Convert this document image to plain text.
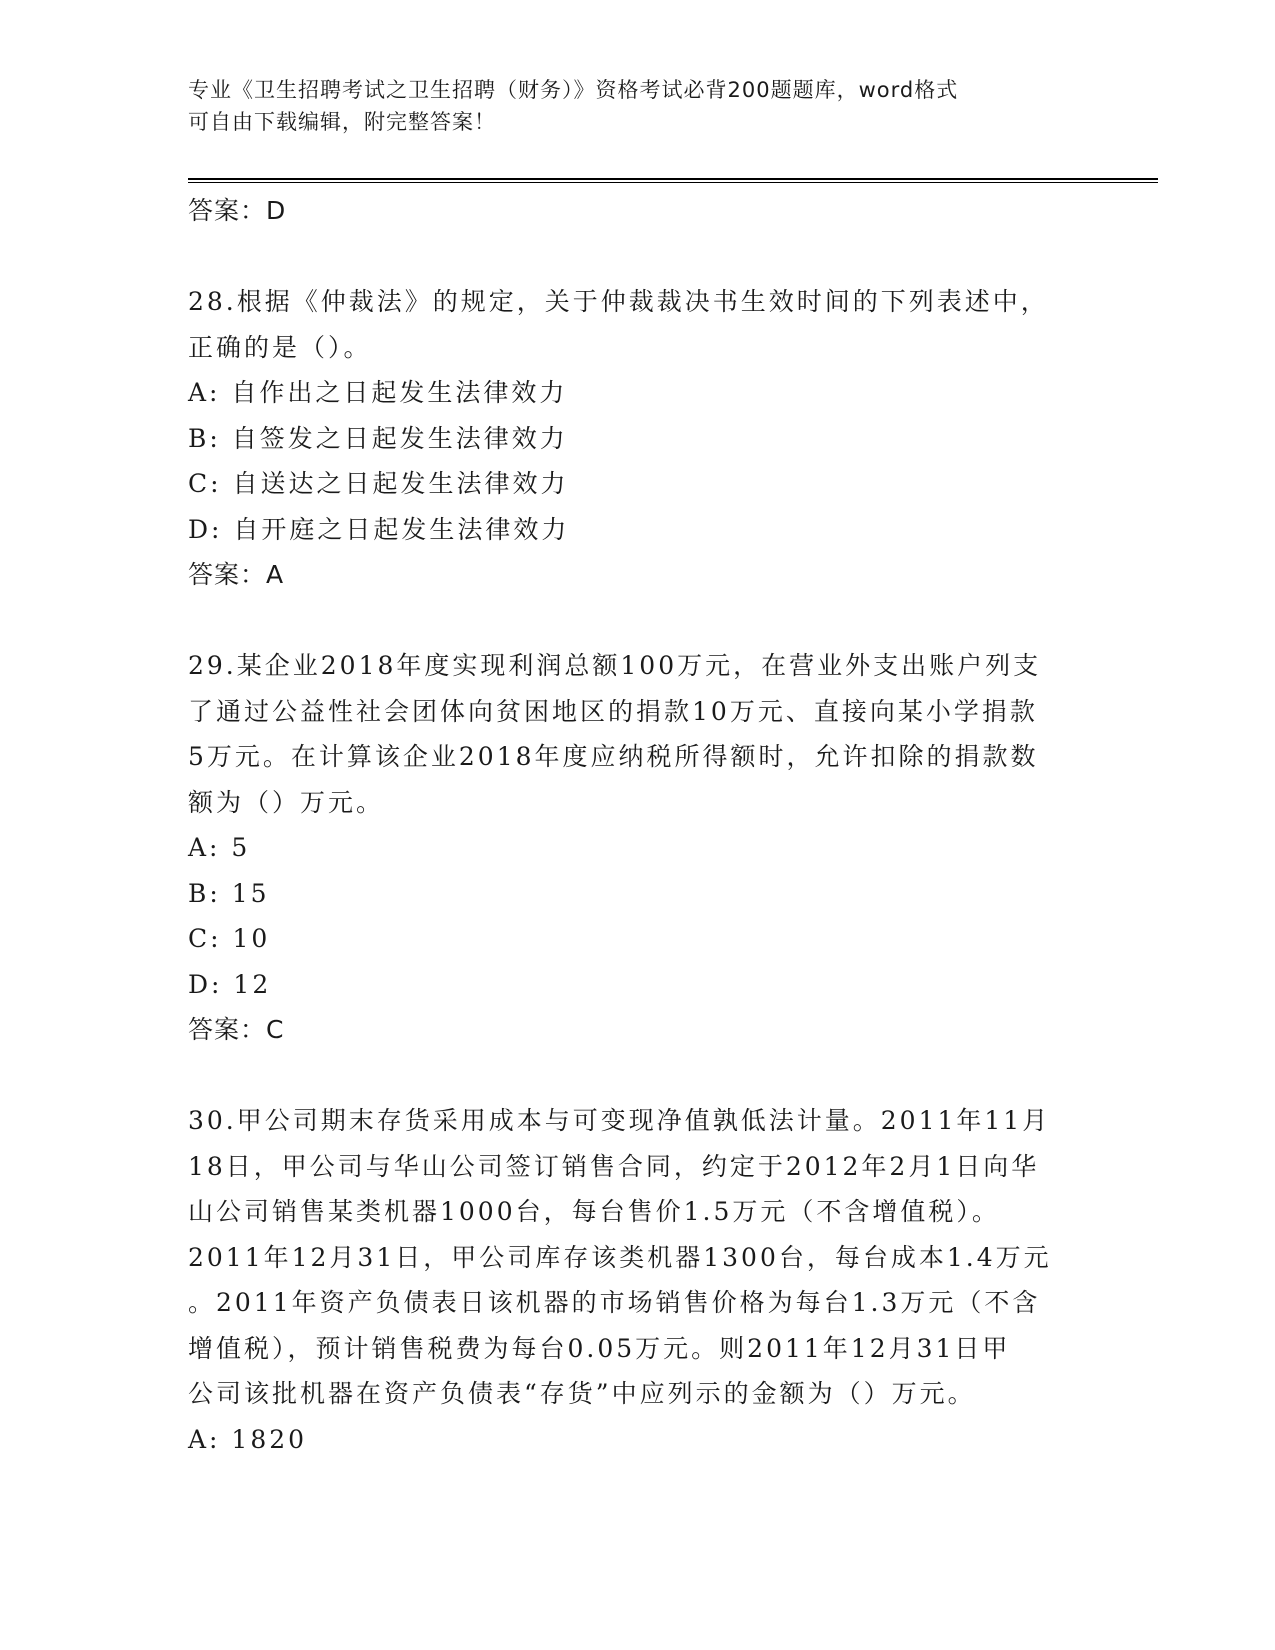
专业《卫生招聘考试之卫生招聘（财务）》资格考试必背200题题库，word格式
可自由下载编辑，附完整答案！
答案：D
28.根据《仲裁法》的规定，关于仲裁裁决书生效时间的下列表述中，
正确的是（）。
A: 自作出之日起发生法律效力
B: 自签发之日起发生法律效力
C: 自送达之日起发生法律效力
D: 自开庭之日起发生法律效力
答案：A
29.某企业2018年度实现利润总额100万元，在营业外支出账户列支
了通过公益性社会团体向贫困地区的捐款10万元、直接向某小学捐款
5万元。在计算该企业2018年度应纳税所得额时，允许扣除的捐款数
额为（）万元。
A: 5
B: 15
C: 10
D: 12
答案：C
30.甲公司期末存货采用成本与可变现净值孰低法计量。2011年11月
18日，甲公司与华山公司签订销售合同，约定于2012年2月1日向华
山公司销售某类机器1000台，每台售价1.5万元（不含增值税）。
2011年12月31日，甲公司库存该类机器1300台，每台成本1.4万元
。2011年资产负债表日该机器的市场销售价格为每台1.3万元（不含
增值税），预计销售税费为每台0.05万元。则2011年12月31日甲
公司该批机器在资产负债表“存货”中应列示的金额为（）万元。
A: 1820
